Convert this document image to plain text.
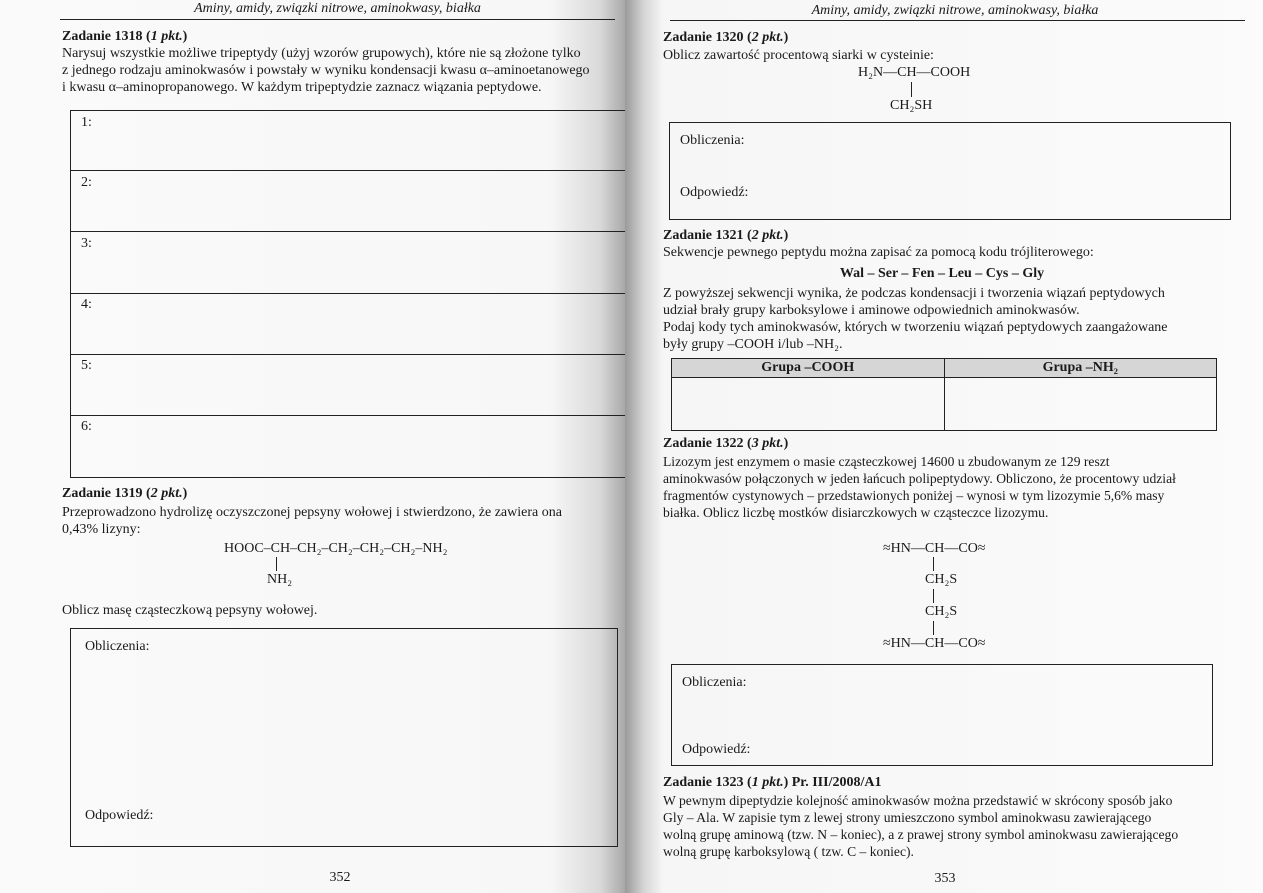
Aminy, amidy, związki nitrowe, aminokwasy, białka
Zadanie 1318 (1 pkt.)
Narysuj wszystkie możliwe tripeptydy (użyj wzorów grupowych), które nie są złożone tylko
z jednego rodzaju aminokwasów i powstały w wyniku kondensacji kwasu α–aminoetanowego
i kwasu α–aminopropanowego. W każdym tripeptydzie zaznacz wiązania peptydowe.
1:
2:
3:
4:
5:
6:
Zadanie 1319 (2 pkt.)
Przeprowadzono hydrolizę oczyszczonej pepsyny wołowej i stwierdzono, że zawiera ona
0,43% lizyny:
HOOC–CH–CH₂–CH₂–CH₂–CH₂–NH₂
NH₂
Oblicz masę cząsteczkową pepsyny wołowej.
Obliczenia:
Odpowiedź:
352
Aminy, amidy, związki nitrowe, aminokwasy, białka
Zadanie 1320 (2 pkt.)
Oblicz zawartość procentową siarki w cysteinie:
H₂N—CH—COOH
CH₂SH
Obliczenia:
Odpowiedź:
Zadanie 1321 (2 pkt.)
Sekwencje pewnego peptydu można zapisać za pomocą kodu trójliterowego:
Wal – Ser – Fen – Leu – Cys – Gly
Z powyższej sekwencji wynika, że podczas kondensacji i tworzenia wiązań peptydowych
udział brały grupy karboksylowe i aminowe odpowiednich aminokwasów.
Podaj kody tych aminokwasów, których w tworzeniu wiązań peptydowych zaangażowane
były grupy –COOH i/lub –NH₂.
Grupa –COOH	Grupa –NH₂

Zadanie 1322 (3 pkt.)
Lizozym jest enzymem o masie cząsteczkowej 14600 u zbudowanym ze 129 reszt
aminokwasów połączonych w jeden łańcuch polipeptydowy. Obliczono, że procentowy udział
fragmentów cystynowych – przedstawionych poniżej – wynosi w tym lizozymie 5,6% masy
białka. Oblicz liczbę mostków disiarczkowych w cząsteczce lizozymu.
≈HN—CH—CO≈
CH₂S
CH₂S
≈HN—CH—CO≈
Obliczenia:
Odpowiedź:
Zadanie 1323 (1 pkt.) Pr. III/2008/A1
W pewnym dipeptydzie kolejność aminokwasów można przedstawić w skrócony sposób jako
Gly – Ala. W zapisie tym z lewej strony umieszczono symbol aminokwasu zawierającego
wolną grupę aminową (tzw. N – koniec), a z prawej strony symbol aminokwasu zawierającego
wolną grupę karboksylową ( tzw. C – koniec).
353
